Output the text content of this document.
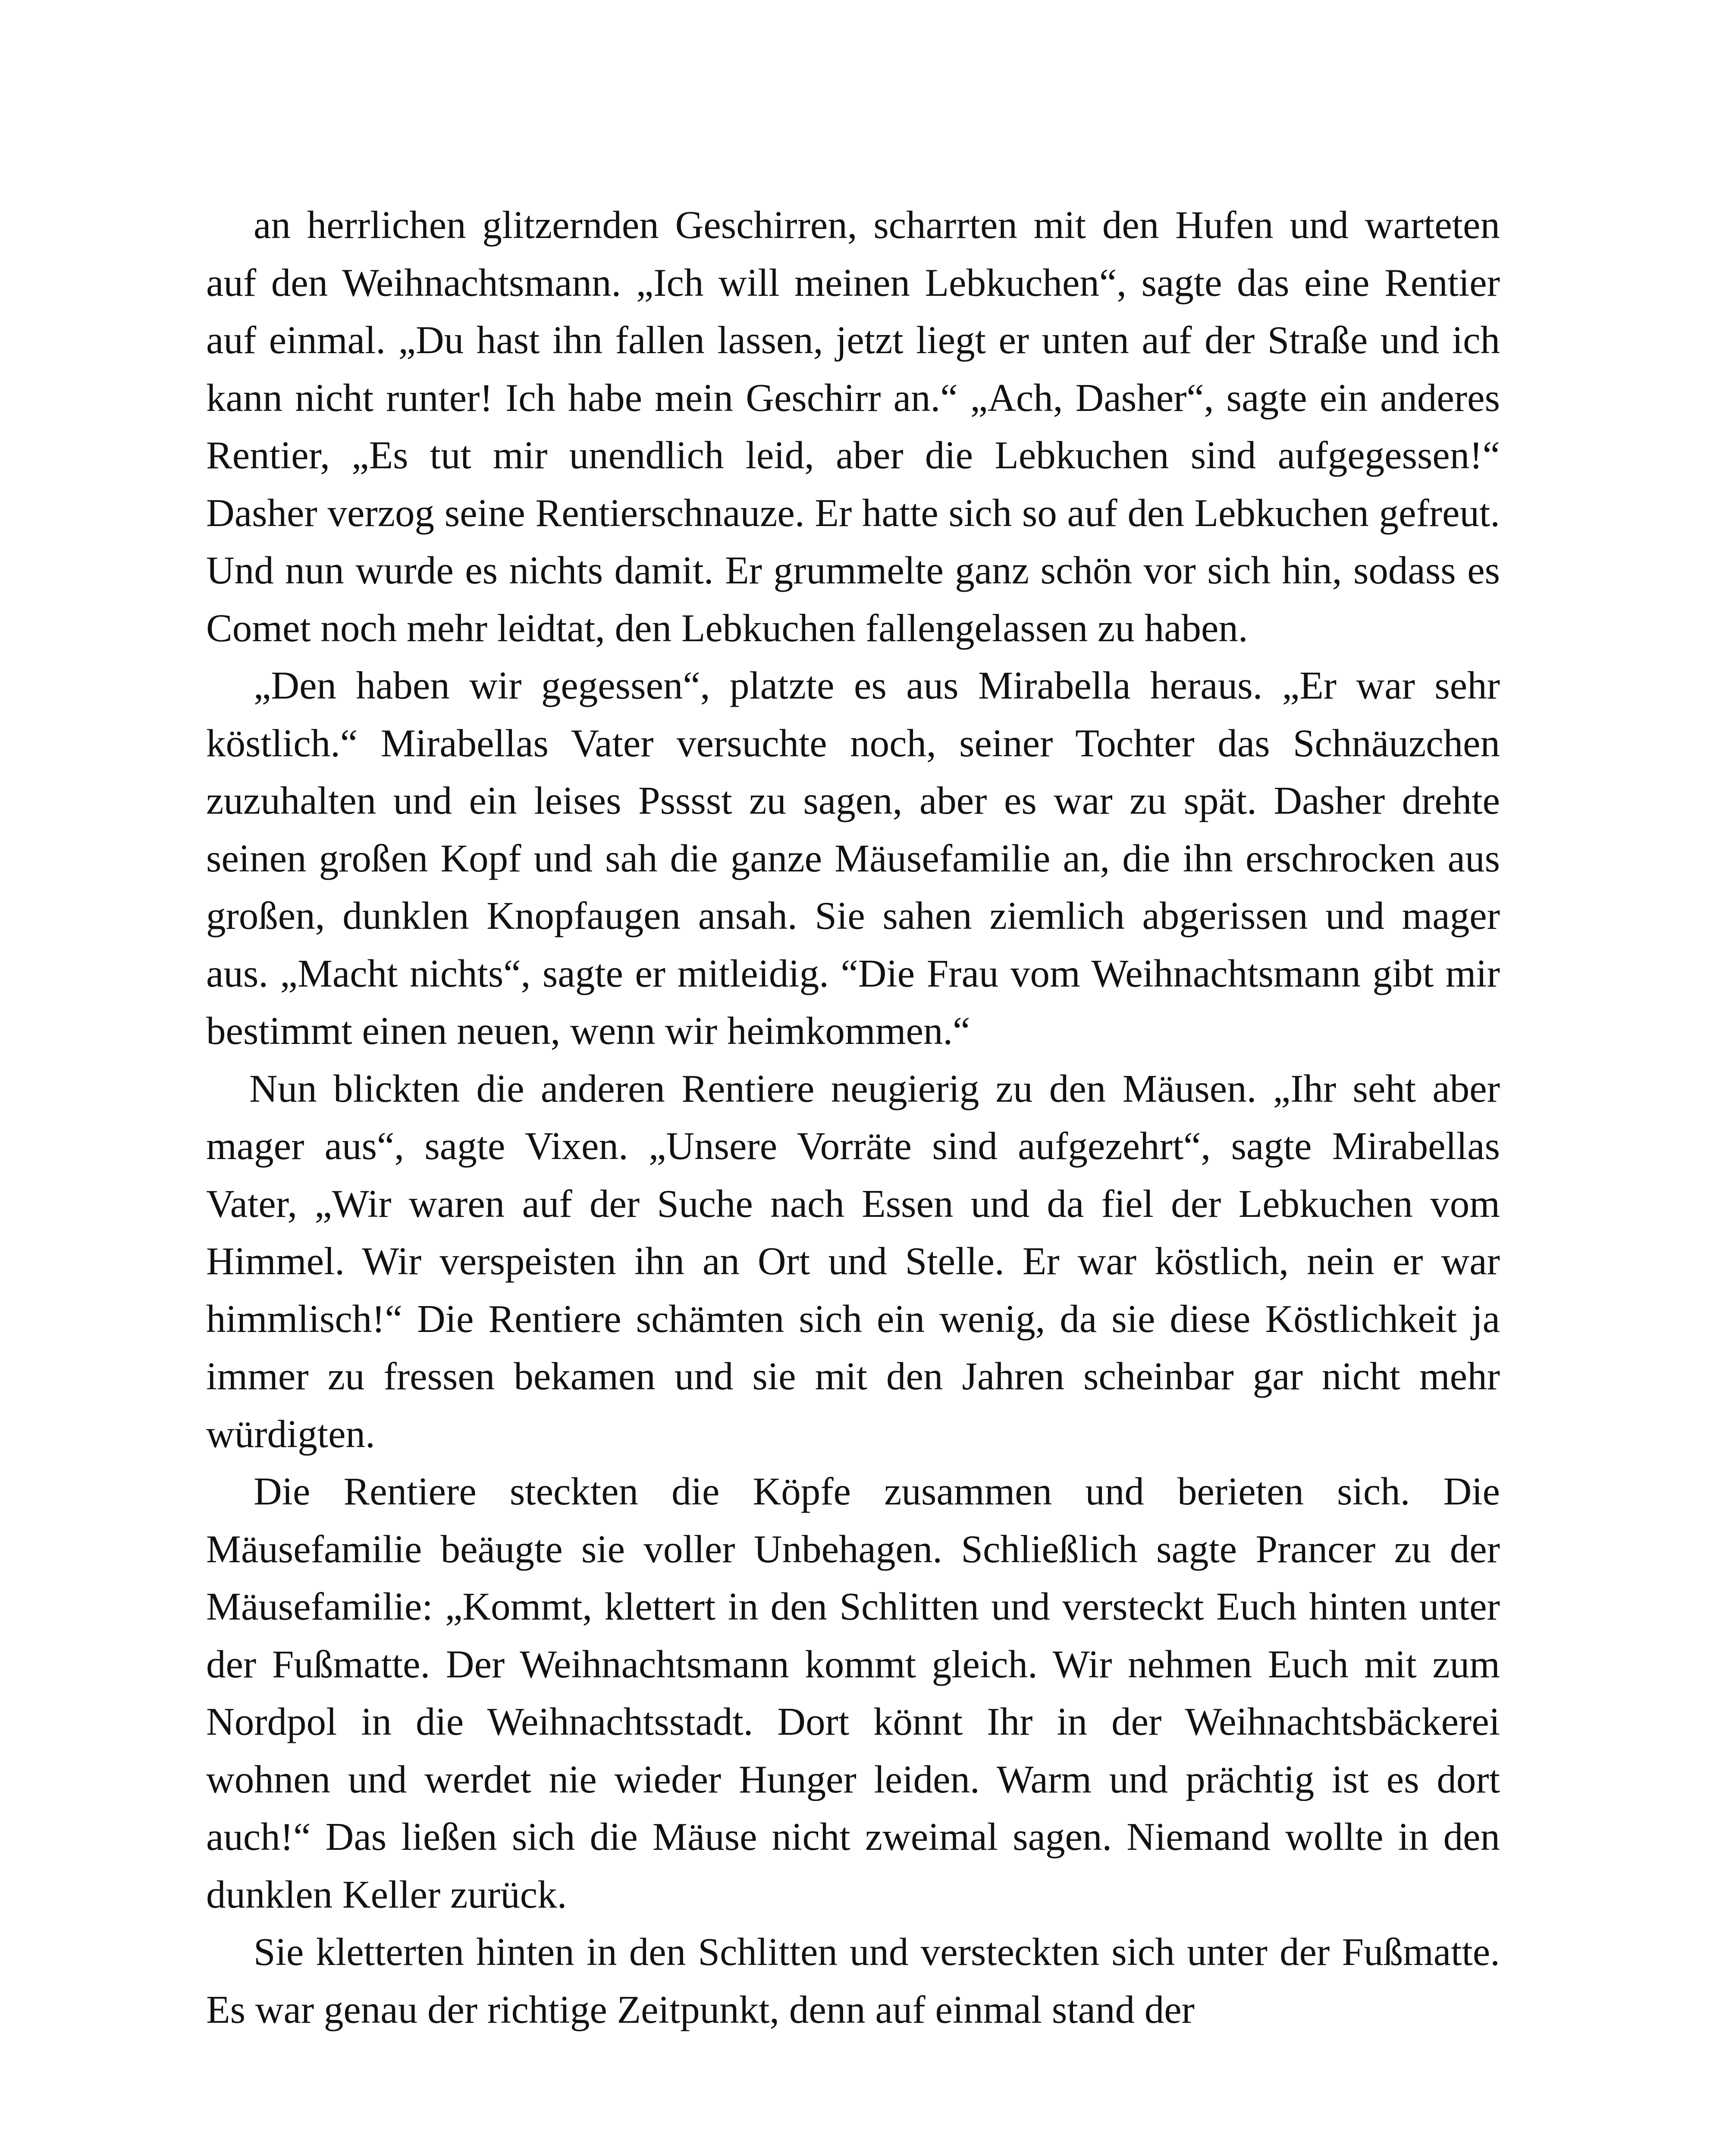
an herrlichen glitzernden Geschirren, scharrten mit den Hufen und warteten auf den Weihnachtsmann. „Ich will meinen Lebkuchen“, sagte das eine Rentier auf einmal. „Du hast ihn fallen lassen, jetzt liegt er unten auf der Straße und ich kann nicht runter! Ich habe mein Geschirr an.“ „Ach, Dasher“, sagte ein anderes Rentier, „Es tut mir unendlich leid, aber die Lebkuchen sind aufgegessen!“ Dasher verzog seine Rentierschnauze. Er hatte sich so auf den Lebkuchen gefreut. Und nun wurde es nichts damit. Er grummelte ganz schön vor sich hin, sodass es Comet noch mehr leidtat, den Lebkuchen fallengelassen zu haben.

„Den haben wir gegessen“, platzte es aus Mirabella heraus. „Er war sehr köstlich.“ Mirabellas Vater versuchte noch, seiner Tochter das Schnäuzchen zuzuhalten und ein leises Psssst zu sagen, aber es war zu spät. Dasher drehte seinen großen Kopf und sah die ganze Mäusefamilie an, die ihn erschrocken aus großen, dunklen Knopfaugen ansah. Sie sahen ziemlich abgerissen und mager aus. „Macht nichts“, sagte er mitleidig. “Die Frau vom Weihnachtsmann gibt mir bestimmt einen neuen, wenn wir heimkommen.“

Nun blickten die anderen Rentiere neugierig zu den Mäusen. „Ihr seht aber mager aus“, sagte Vixen. „Unsere Vorräte sind aufgezehrt“, sagte Mirabellas Vater, „Wir waren auf der Suche nach Essen und da fiel der Lebkuchen vom Himmel. Wir verspeisten ihn an Ort und Stelle. Er war köstlich, nein er war himmlisch!“ Die Rentiere schämten sich ein wenig, da sie diese Köstlichkeit ja immer zu fressen bekamen und sie mit den Jahren scheinbar gar nicht mehr würdigten.

Die Rentiere steckten die Köpfe zusammen und berieten sich. Die Mäusefamilie beäugte sie voller Unbehagen. Schließlich sagte Prancer zu der Mäusefamilie: „Kommt, klettert in den Schlitten und versteckt Euch hinten unter der Fußmatte. Der Weihnachtsmann kommt gleich. Wir nehmen Euch mit zum Nordpol in die Weihnachtsstadt. Dort könnt Ihr in der Weihnachtsbäckerei wohnen und werdet nie wieder Hunger leiden. Warm und prächtig ist es dort auch!“ Das ließen sich die Mäuse nicht zweimal sagen. Niemand wollte in den dunklen Keller zurück.

Sie kletterten hinten in den Schlitten und versteckten sich unter der Fußmatte. Es war genau der richtige Zeitpunkt, denn auf einmal stand der
